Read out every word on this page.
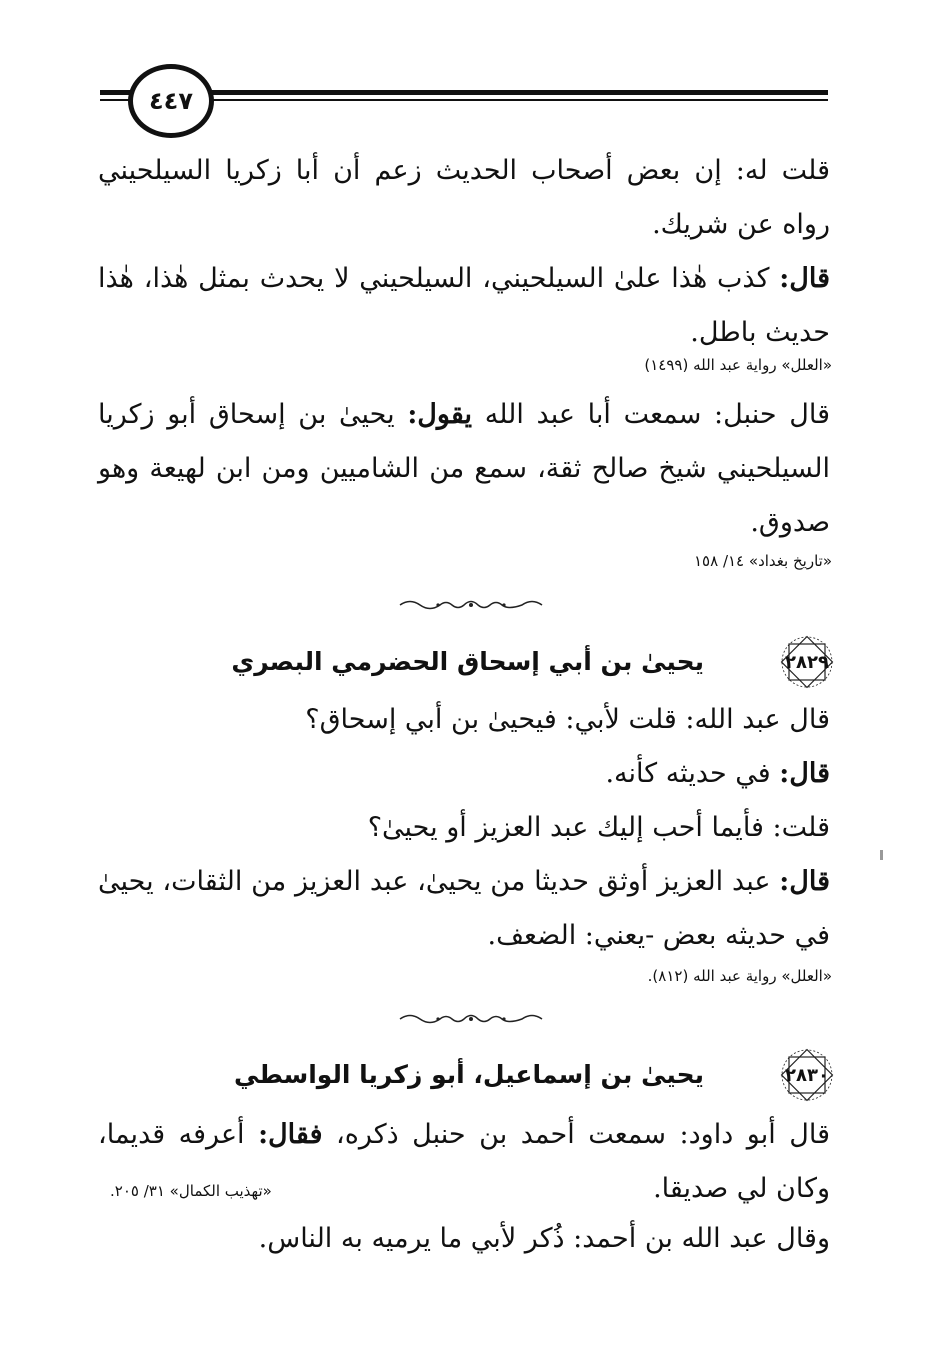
٤٤٧

قلت له: إن بعض أصحاب الحديث زعم أن أبا زكريا السيلحيني رواه عن شريك.

قال: كذب هٰذا علىٰ السيلحيني، السيلحيني لا يحدث بمثل هٰذا، هٰذا حديث باطل.

«العلل» رواية عبد الله (١٤٩٩)

قال حنبل: سمعت أبا عبد الله يقول: يحيىٰ بن إسحاق أبو زكريا السيلحيني شيخ صالح ثقة، سمع من الشاميين ومن ابن لهيعة وهو صدوق.

«تاريخ بغداد» ١٤/ ١٥٨
٢٨٢٩
يحيىٰ بن أبي إسحاق الحضرمي البصري

قال عبد الله: قلت لأبي: فيحيىٰ بن أبي إسحاق؟

قال: في حديثه كأنه.

قلت: فأيما أحب إليك عبد العزيز أو يحيىٰ؟

قال: عبد العزيز أوثق حديثا من يحيىٰ، عبد العزيز من الثقات، يحيىٰ في حديثه بعض -يعني: الضعف.

«العلل» رواية عبد الله (٨١٢).
٢٨٣٠
يحيىٰ بن إسماعيل، أبو زكريا الواسطي

قال أبو داود: سمعت أحمد بن حنبل ذكره، فقال: أعرفه قديما، وكان لي صديقا.

«تهذيب الكمال» ٣١/ ٢٠٥.

وقال عبد الله بن أحمد: ذُكر لأبي ما يرميه به الناس.
